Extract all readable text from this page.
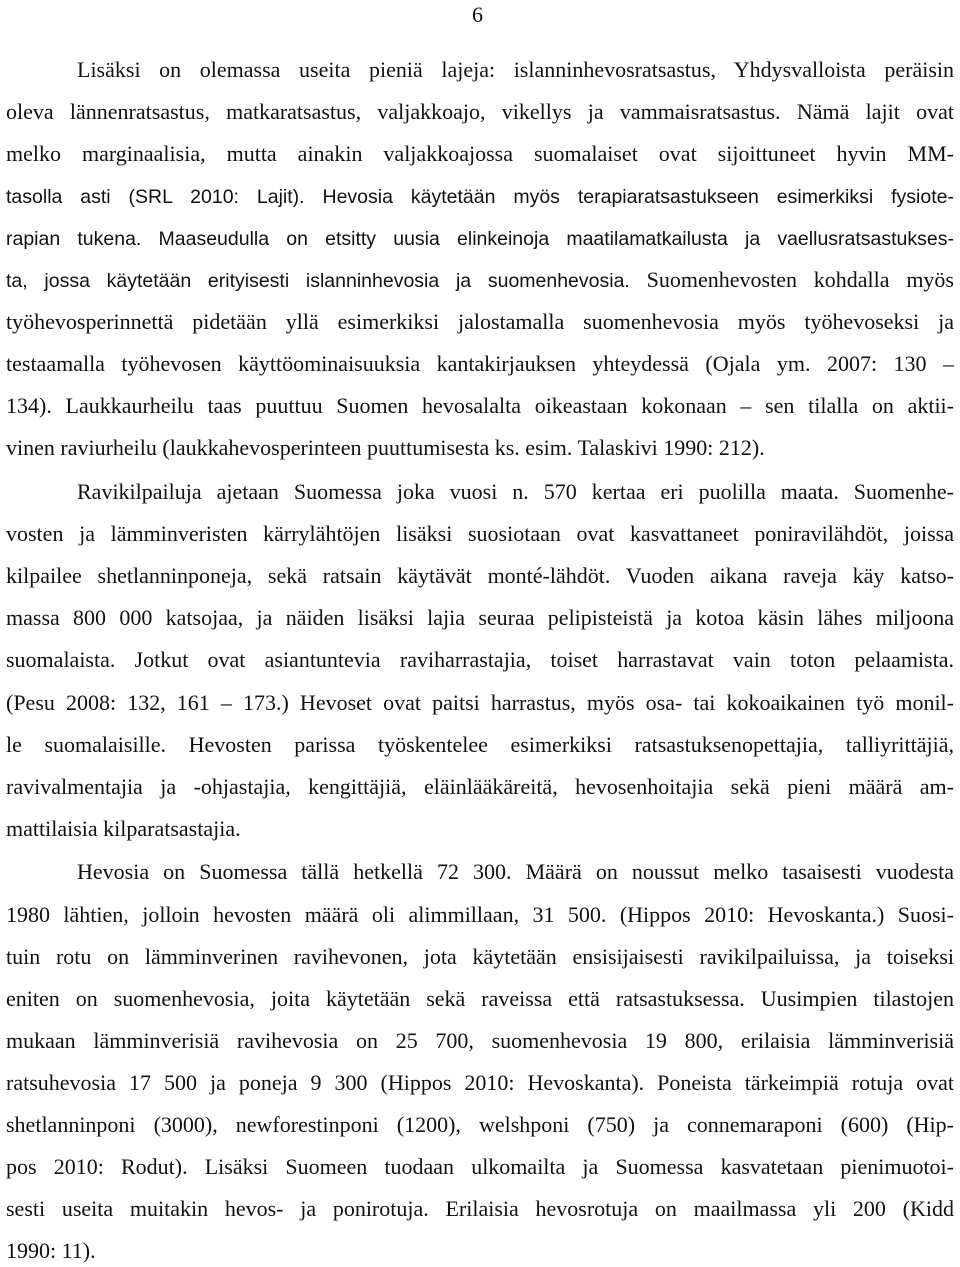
6
Lisäksi on olemassa useita pieniä lajeja: islanninhevosratsastus, Yhdysvalloista peräisin
oleva lännenratsastus, matkaratsastus, valjakkoajo, vikellys ja vammaisratsastus. Nämä lajit ovat
melko marginaalisia, mutta ainakin valjakkoajossa suomalaiset ovat sijoittuneet hyvin MM-
tasolla asti (SRL 2010: Lajit). Hevosia käytetään myös terapiaratsastukseen esimerkiksi fysiote-
rapian tukena. Maaseudulla on etsitty uusia elinkeinoja maatilamatkailusta ja vaellusratsastukses-
ta, jossa käytetään erityisesti islanninhevosia ja suomenhevosia. Suomenhevosten kohdalla myös
työhevosperinnettä pidetään yllä esimerkiksi jalostamalla suomenhevosia myös työhevoseksi ja
testaamalla työhevosen käyttöominaisuuksia kantakirjauksen yhteydessä (Ojala ym. 2007: 130 –
134). Laukkaurheilu taas puuttuu Suomen hevosalalta oikeastaan kokonaan – sen tilalla on aktii-
vinen raviurheilu (laukkahevosperinteen puuttumisesta ks. esim. Talaskivi 1990: 212).
Ravikilpailuja ajetaan Suomessa joka vuosi n. 570 kertaa eri puolilla maata. Suomenhe-
vosten ja lämminveristen kärrylähtöjen lisäksi suosiotaan ovat kasvattaneet poniravilähdöt, joissa
kilpailee shetlanninponeja, sekä ratsain käytävät monté-lähdöt. Vuoden aikana raveja käy katso-
massa 800 000 katsojaa, ja näiden lisäksi lajia seuraa pelipisteistä ja kotoa käsin lähes miljoona
suomalaista. Jotkut ovat asiantuntevia raviharrastajia, toiset harrastavat vain toton pelaamista.
(Pesu 2008: 132, 161 – 173.) Hevoset ovat paitsi harrastus, myös osa- tai kokoaikainen työ monil-
le suomalaisille. Hevosten parissa työskentelee esimerkiksi ratsastuksenopettajia, talliyrittäjiä,
ravivalmentajia ja -ohjastajia, kengittäjiä, eläinlääkäreitä, hevosenhoitajia sekä pieni määrä am-
mattilaisia kilparatsastajia.
Hevosia on Suomessa tällä hetkellä 72 300. Määrä on noussut melko tasaisesti vuodesta
1980 lähtien, jolloin hevosten määrä oli alimmillaan, 31 500. (Hippos 2010: Hevoskanta.) Suosi-
tuin rotu on lämminverinen ravihevonen, jota käytetään ensisijaisesti ravikilpailuissa, ja toiseksi
eniten on suomenhevosia, joita käytetään sekä raveissa että ratsastuksessa. Uusimpien tilastojen
mukaan lämminverisiä ravihevosia on 25 700, suomenhevosia 19 800, erilaisia lämminverisiä
ratsuhevosia 17 500 ja poneja 9 300 (Hippos 2010: Hevoskanta). Poneista tärkeimpiä rotuja ovat
shetlanninponi (3000), newforestinponi (1200), welshponi (750) ja connemaraponi (600) (Hip-
pos 2010: Rodut). Lisäksi Suomeen tuodaan ulkomailta ja Suomessa kasvatetaan pienimuotoi-
sesti useita muitakin hevos- ja ponirotuja. Erilaisia hevosrotuja on maailmassa yli 200 (Kidd
1990: 11).
